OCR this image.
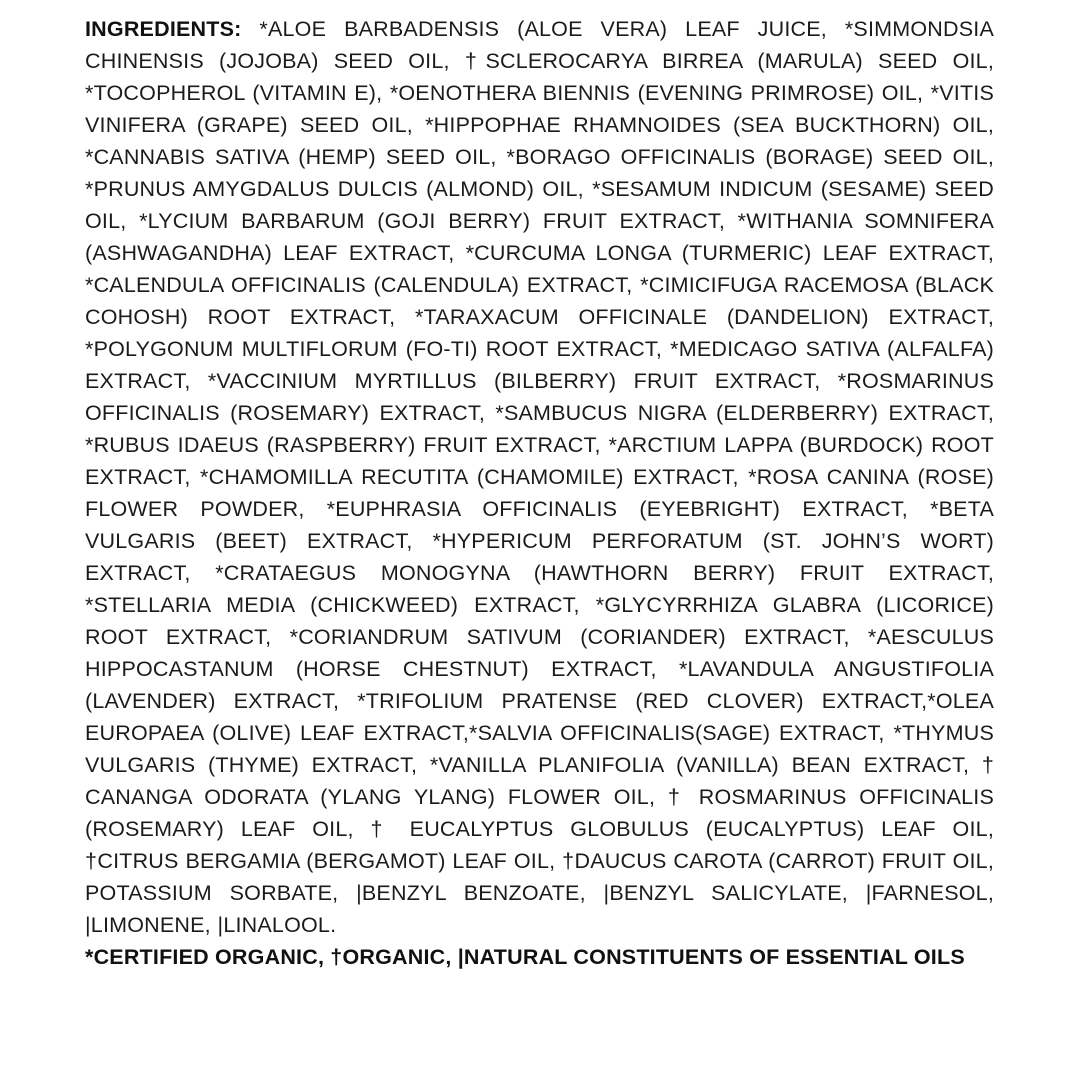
INGREDIENTS: *ALOE BARBADENSIS (ALOE VERA) LEAF JUICE, *SIMMONDSIA CHINENSIS (JOJOBA) SEED OIL, †SCLEROCARYA BIRREA (MARULA) SEED OIL, *TOCOPHEROL (VITAMIN E), *OENOTHERA BIENNIS (EVENING PRIMROSE) OIL, *VITIS VINIFERA (GRAPE) SEED OIL, *HIPPOPHAE RHAMNOIDES (SEA BUCKTHORN) OIL, *CANNABIS SATIVA (HEMP) SEED OIL, *BORAGO OFFICINALIS (BORAGE) SEED OIL, *PRUNUS AMYGDALUS DULCIS (ALMOND) OIL, *SESAMUM INDICUM (SESAME) SEED OIL, *LYCIUM BARBARUM (GOJI BERRY) FRUIT EXTRACT, *WITHANIA SOMNIFERA (ASHWAGANDHA) LEAF EXTRACT, *CURCUMA LONGA (TURMERIC) LEAF EXTRACT, *CALENDULA OFFICINALIS (CALENDULA) EXTRACT, *CIMICIFUGA RACEMOSA (BLACK COHOSH) ROOT EXTRACT, *TARAXACUM OFFICINALE (DANDELION) EXTRACT, *POLYGONUM MULTIFLORUM (FO-TI) ROOT EXTRACT, *MEDICAGO SATIVA (ALFALFA) EXTRACT, *VACCINIUM MYRTILLUS (BILBERRY) FRUIT EXTRACT, *ROSMARINUS OFFICINALIS (ROSEMARY) EXTRACT, *SAMBUCUS NIGRA (ELDERBERRY) EXTRACT, *RUBUS IDAEUS (RASPBERRY) FRUIT EXTRACT, *ARCTIUM LAPPA (BURDOCK) ROOT EXTRACT, *CHAMOMILLA RECUTITA (CHAMOMILE) EXTRACT, *ROSA CANINA (ROSE) FLOWER POWDER, *EUPHRASIA OFFICINALIS (EYEBRIGHT) EXTRACT, *BETA VULGARIS (BEET) EXTRACT, *HYPERICUM PERFORATUM (ST. JOHN’S WORT) EXTRACT, *CRATAEGUS MONOGYNA (HAWTHORN BERRY) FRUIT EXTRACT, *STELLARIA MEDIA (CHICKWEED) EXTRACT, *GLYCYRRHIZA GLABRA (LICORICE) ROOT EXTRACT, *CORIANDRUM SATIVUM (CORIANDER) EXTRACT, *AESCULUS HIPPOCASTANUM (HORSE CHESTNUT) EXTRACT, *LAVANDULA ANGUSTIFOLIA (LAVENDER) EXTRACT, *TRIFOLIUM PRATENSE (RED CLOVER) EXTRACT,*OLEA EUROPAEA (OLIVE) LEAF EXTRACT,*SALVIA OFFICINALIS(SAGE) EXTRACT, *THYMUS VULGARIS (THYME) EXTRACT, *VANILLA PLANIFOLIA (VANILLA) BEAN EXTRACT, † CANANGA ODORATA (YLANG YLANG) FLOWER OIL, † ROSMARINUS OFFICINALIS (ROSEMARY) LEAF OIL, † EUCALYPTUS GLOBULUS (EUCALYPTUS) LEAF OIL, †CITRUS BERGAMIA (BERGAMOT) LEAF OIL, †DAUCUS CAROTA (CARROT) FRUIT OIL, POTASSIUM SORBATE, |BENZYL BENZOATE, |BENZYL SALICYLATE, |FARNESOL, |LIMONENE, |LINALOOL.

*CERTIFIED ORGANIC, †ORGANIC, |NATURAL CONSTITUENTS OF ESSENTIAL OILS
